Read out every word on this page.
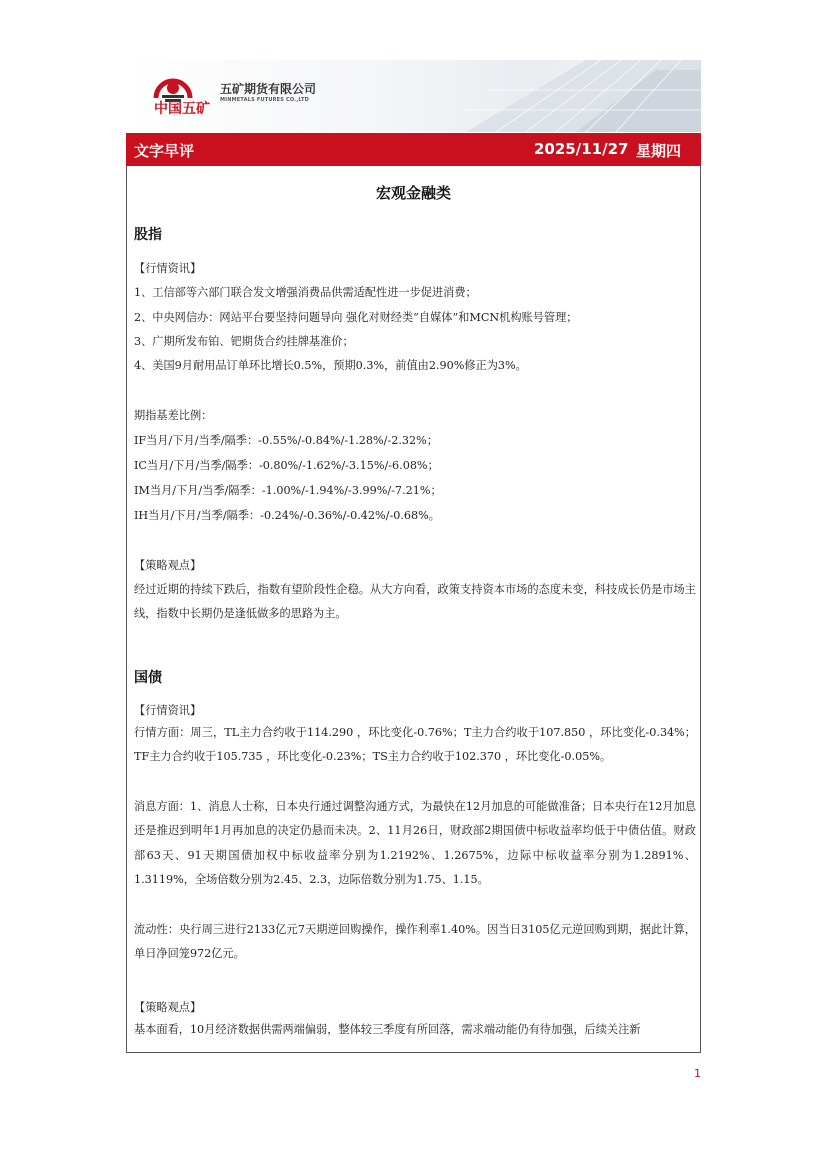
中国五矿
五矿期货有限公司
MINMETALS FUTURES CO.,LTD
文字早评	2025/11/27 星期四
宏观金融类
股指
【行情资讯】
1、工信部等六部门联合发文增强消费品供需适配性进一步促进消费；
2、中央网信办：网站平台要坚持问题导向 强化对财经类“自媒体”和MCN机构账号管理；
3、广期所发布铂、钯期货合约挂牌基准价；
4、美国9月耐用品订单环比增长0.5%，预期0.3%，前值由2.90%修正为3%。
期指基差比例：
IF当月/下月/当季/隔季：-0.55%/-0.84%/-1.28%/-2.32%；
IC当月/下月/当季/隔季：-0.80%/-1.62%/-3.15%/-6.08%；
IM当月/下月/当季/隔季：-1.00%/-1.94%/-3.99%/-7.21%；
IH当月/下月/当季/隔季：-0.24%/-0.36%/-0.42%/-0.68%。
【策略观点】
经过近期的持续下跌后，指数有望阶段性企稳。从大方向看，政策支持资本市场的态度未变，科技成长仍是市场主线，指数中长期仍是逢低做多的思路为主。
国债
【行情资讯】
行情方面：周三，TL主力合约收于114.290 ，环比变化-0.76%；T主力合约收于107.850 ，环比变化-0.34%；TF主力合约收于105.735 ，环比变化-0.23%；TS主力合约收于102.370 ，环比变化-0.05%。
消息方面：1、消息人士称，日本央行通过调整沟通方式，为最快在12月加息的可能做准备；日本央行在12月加息还是推迟到明年1月再加息的决定仍悬而未决。2、11月26日，财政部2期国债中标收益率均低于中债估值。财政部63天、91天期国债加权中标收益率分别为1.2192%、1.2675%，边际中标收益率分别为1.2891%、1.3119%，全场倍数分别为2.45、2.3，边际倍数分别为1.75、1.15。
流动性：央行周三进行2133亿元7天期逆回购操作，操作利率1.40%。因当日3105亿元逆回购到期，据此计算，单日净回笼972亿元。
【策略观点】
基本面看，10月经济数据供需两端偏弱，整体较三季度有所回落，需求端动能仍有待加强，后续关注新
1
